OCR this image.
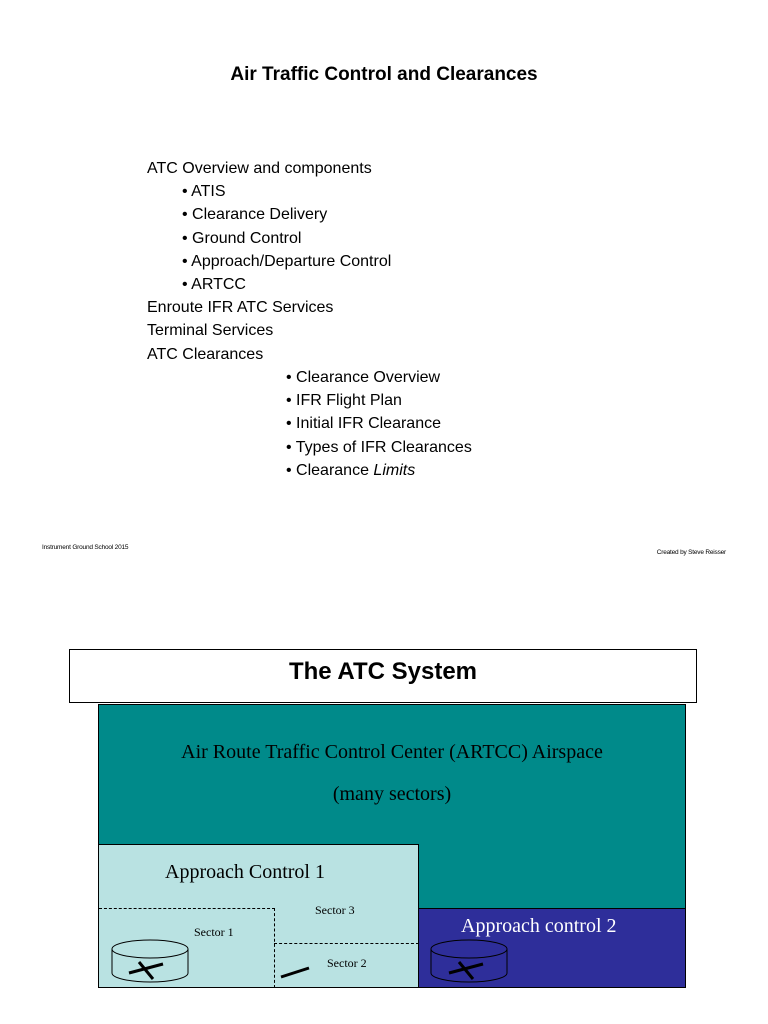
Air Traffic Control and Clearances
ATC Overview and components
• ATIS
• Clearance Delivery
• Ground Control
• Approach/Departure Control
• ARTCC
Enroute IFR ATC Services
Terminal Services
ATC Clearances
• Clearance Overview
• IFR Flight Plan
• Initial IFR Clearance
• Types of IFR Clearances
• Clearance Limits
Instrument Ground School 2015
Created by Steve Reisser
The ATC System
Air Route Traffic Control Center (ARTCC) Airspace
(many sectors)
Approach Control 1
Sector 1
Sector 3
Sector 2
Approach control 2
